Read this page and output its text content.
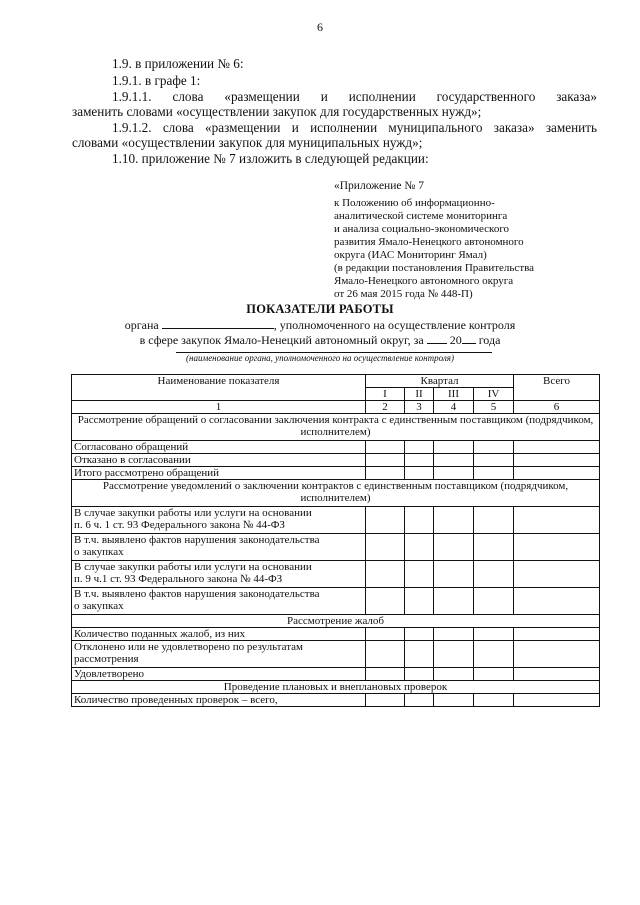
6
1.9. в приложении № 6:
1.9.1. в графе 1:
1.9.1.1. слова «размещении и исполнении государственного заказа»
заменить словами «осуществлении закупок для государственных нужд»;
1.9.1.2. слова «размещении и исполнении муниципального заказа» заменить
словами «осуществлении закупок для муниципальных нужд»;
1.10. приложение № 7 изложить в следующей редакции:
«Приложение № 7
к Положению об информационно-
аналитической системе мониторинга
и анализа социально-экономического
развития Ямало-Ненецкого автономного
округа (ИАС Мониторинг Ямал)
(в редакции постановления Правительства
Ямало-Ненецкого автономного округа
от 26 мая 2015 года № 448-П)
ПОКАЗАТЕЛИ РАБОТЫ
органа	, уполномоченного на осуществление контроля
в сфере закупок Ямало-Ненецкий автономный округ, за 20 года
(наименование органа, уполномоченного на осуществление контроля)
Наименование показателя	Квартал				Всего
	I	II	III	IV	
1	2	3	4	5	6
Рассмотрение обращений о согласовании заключения контракта с единственным поставщиком (подрядчиком, исполнителем)					
Согласовано обращений					
Отказано в согласовании					
Итого рассмотрено обращений					
Рассмотрение уведомлений о заключении контрактов с единственным поставщиком (подрядчиком, исполнителем)					

В случае закупки работы или услуги на основании
п. 6 ч. 1 ст. 93 Федерального закона № 44-ФЗ					

В т.ч. выявлено фактов нарушения законодательства
о закупках					

В случае закупки работы или услуги на основании
п. 9 ч.1 ст. 93 Федерального закона № 44-ФЗ					

В т.ч. выявлено фактов нарушения законодательства
о закупках					

Рассмотрение жалоб					
Количество поданных жалоб, из них					

Отклонено или не удовлетворено по результатам
рассмотрения					

Удовлетворено					
Проведение плановых и внеплановых проверок					
Количество проведенных проверок – всего,					
